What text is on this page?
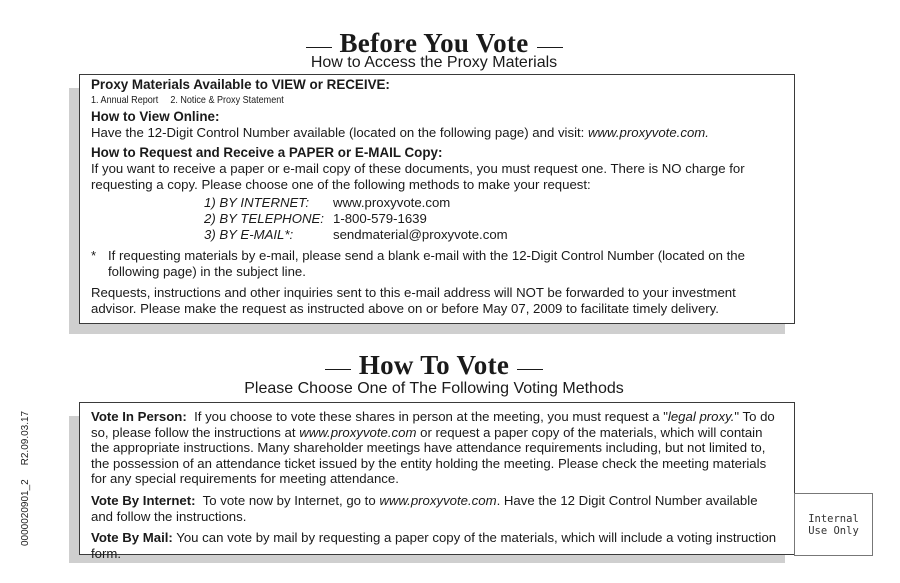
Before You Vote
How to Access the Proxy Materials

Proxy Materials Available to VIEW or RECEIVE:

1. Annual Report 2. Notice & Proxy Statement

How to View Online:

Have the 12-Digit Control Number available (located on the following page) and visit: www.proxyvote.com.

How to Request and Receive a PAPER or E-MAIL Copy:

If you want to receive a paper or e-mail copy of these documents, you must request one. There is NO charge for requesting a copy. Please choose one of the following methods to make your request:

1) BY INTERNET:	www.proxyvote.com
2) BY TELEPHONE: 1-800-579-1639
3) BY E-MAIL*:	sendmaterial@proxyvote.com
* If requesting materials by e-mail, please send a blank e-mail with the 12-Digit Control Number (located on the following page) in the subject line.

Requests, instructions and other inquiries sent to this e-mail address will NOT be forwarded to your investment advisor. Please make the request as instructed above on or before May 07, 2009 to facilitate timely delivery.

How To Vote
Please Choose One of The Following Voting Methods

Vote In Person: If you choose to vote these shares in person at the meeting, you must request a "legal proxy." To do so, please follow the instructions at www.proxyvote.com or request a paper copy of the materials, which will contain the appropriate instructions. Many shareholder meetings have attendance requirements including, but not limited to, the possession of an attendance ticket issued by the entity holding the meeting. Please check the meeting materials for any special requirements for meeting attendance.

Vote By Internet: To vote now by Internet, go to www.proxyvote.com. Have the 12 Digit Control Number available and follow the instructions.

Vote By Mail: You can vote by mail by requesting a paper copy of the materials, which will include a voting instruction form.

Internal Use Only
0000020901_2     R2.09.03.17
